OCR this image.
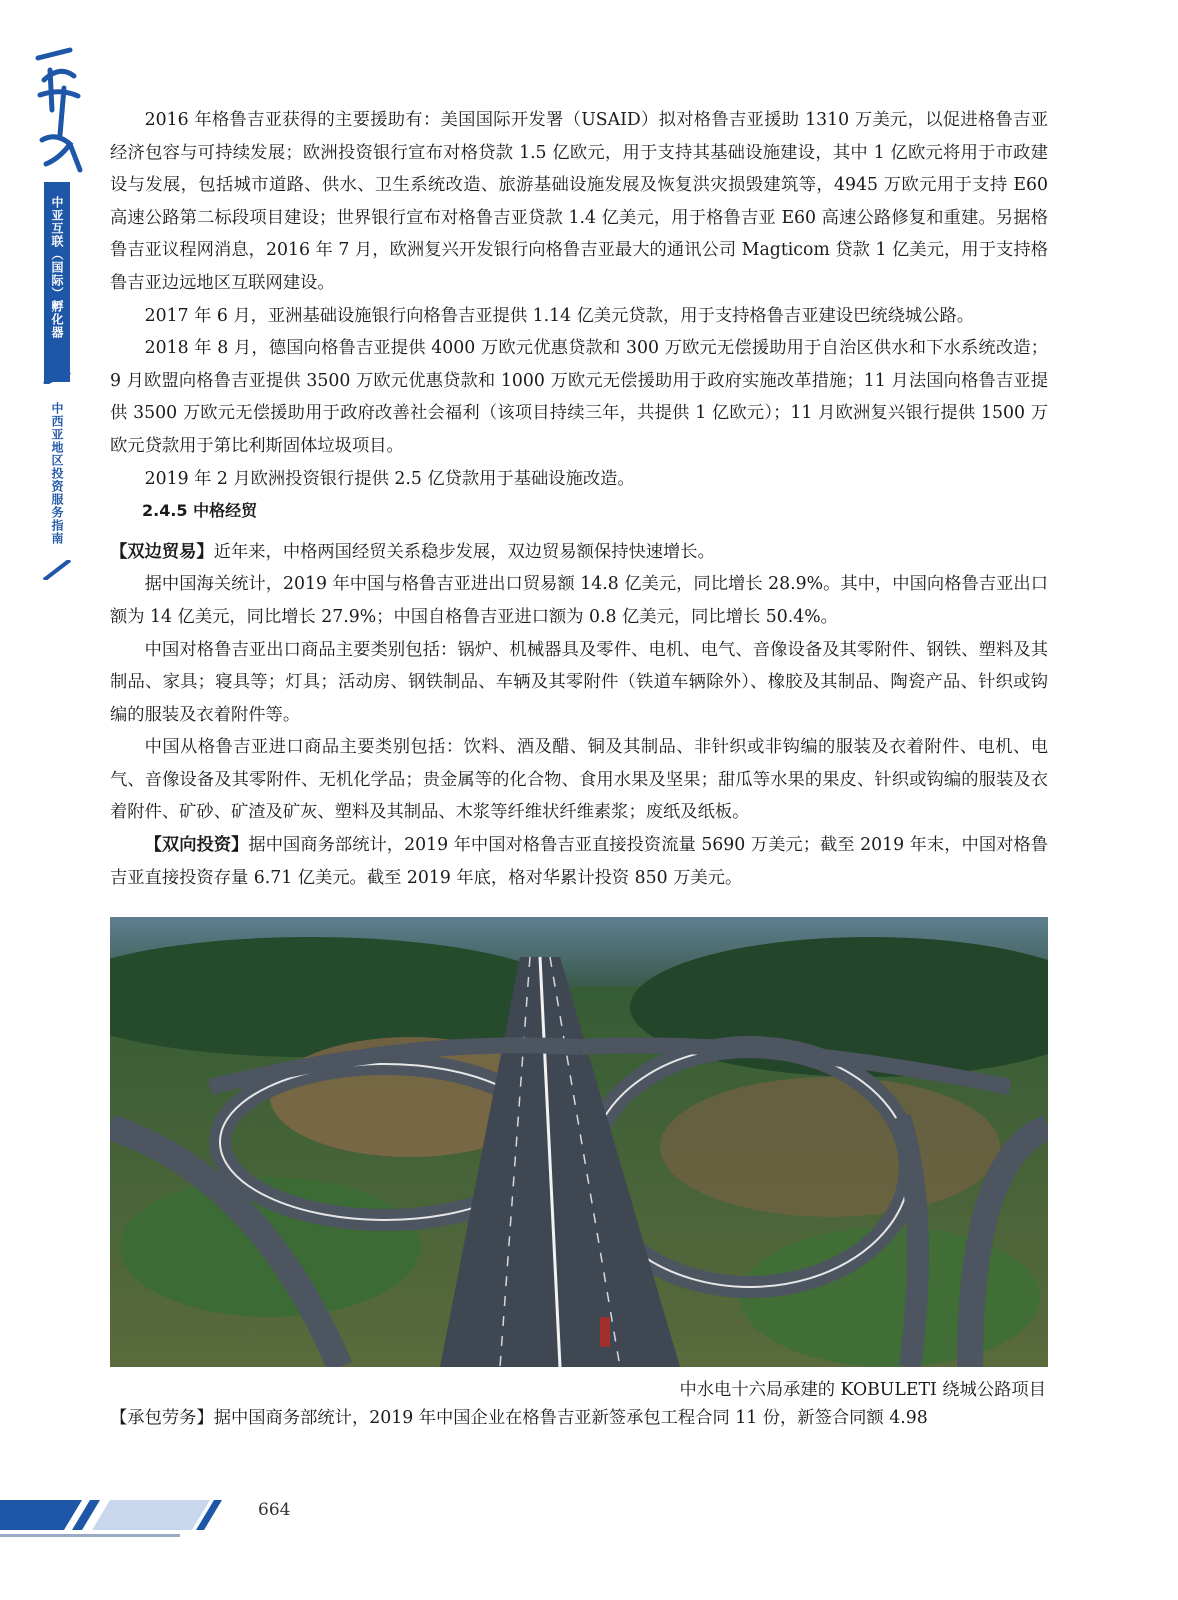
中亚互联（国际）孵化器
中西亚地区投资服务指南

2016 年格鲁吉亚获得的主要援助有：美国国际开发署（USAID）拟对格鲁吉亚援助 1310 万美元，以促进格鲁吉亚经济包容与可持续发展；欧洲投资银行宣布对格贷款 1.5 亿欧元，用于支持其基础设施建设，其中 1 亿欧元将用于市政建设与发展，包括城市道路、供水、卫生系统改造、旅游基础设施发展及恢复洪灾损毁建筑等，4945 万欧元用于支持 E60 高速公路第二标段项目建设；世界银行宣布对格鲁吉亚贷款 1.4 亿美元，用于格鲁吉亚 E60 高速公路修复和重建。另据格鲁吉亚议程网消息，2016 年 7 月，欧洲复兴开发银行向格鲁吉亚最大的通讯公司 Magticom 贷款 1 亿美元，用于支持格鲁吉亚边远地区互联网建设。

2017 年 6 月，亚洲基础设施银行向格鲁吉亚提供 1.14 亿美元贷款，用于支持格鲁吉亚建设巴统绕城公路。

2018 年 8 月，德国向格鲁吉亚提供 4000 万欧元优惠贷款和 300 万欧元无偿援助用于自治区供水和下水系统改造；9 月欧盟向格鲁吉亚提供 3500 万欧元优惠贷款和 1000 万欧元无偿援助用于政府实施改革措施；11 月法国向格鲁吉亚提供 3500 万欧元无偿援助用于政府改善社会福利（该项目持续三年，共提供 1 亿欧元）；11 月欧洲复兴银行提供 1500 万欧元贷款用于第比利斯固体垃圾项目。

2019 年 2 月欧洲投资银行提供 2.5 亿贷款用于基础设施改造。

2.4.5 中格经贸

【双边贸易】近年来，中格两国经贸关系稳步发展，双边贸易额保持快速增长。

据中国海关统计，2019 年中国与格鲁吉亚进出口贸易额 14.8 亿美元，同比增长 28.9%。其中，中国向格鲁吉亚出口额为 14 亿美元，同比增长 27.9%；中国自格鲁吉亚进口额为 0.8 亿美元，同比增长 50.4%。

中国对格鲁吉亚出口商品主要类别包括：锅炉、机械器具及零件、电机、电气、音像设备及其零附件、钢铁、塑料及其制品、家具；寝具等；灯具；活动房、钢铁制品、车辆及其零附件（铁道车辆除外）、橡胶及其制品、陶瓷产品、针织或钩编的服装及衣着附件等。

中国从格鲁吉亚进口商品主要类别包括：饮料、酒及醋、铜及其制品、非针织或非钩编的服装及衣着附件、电机、电气、音像设备及其零附件、无机化学品；贵金属等的化合物、食用水果及坚果；甜瓜等水果的果皮、针织或钩编的服装及衣着附件、矿砂、矿渣及矿灰、塑料及其制品、木浆等纤维状纤维素浆；废纸及纸板。

【双向投资】据中国商务部统计，2019 年中国对格鲁吉亚直接投资流量 5690 万美元；截至 2019 年末，中国对格鲁吉亚直接投资存量 6.71 亿美元。截至 2019 年底，格对华累计投资 850 万美元。

中水电十六局承建的 KOBULETI 绕城公路项目
【承包劳务】据中国商务部统计，2019 年中国企业在格鲁吉亚新签承包工程合同 11 份，新签合同额 4.98
664
